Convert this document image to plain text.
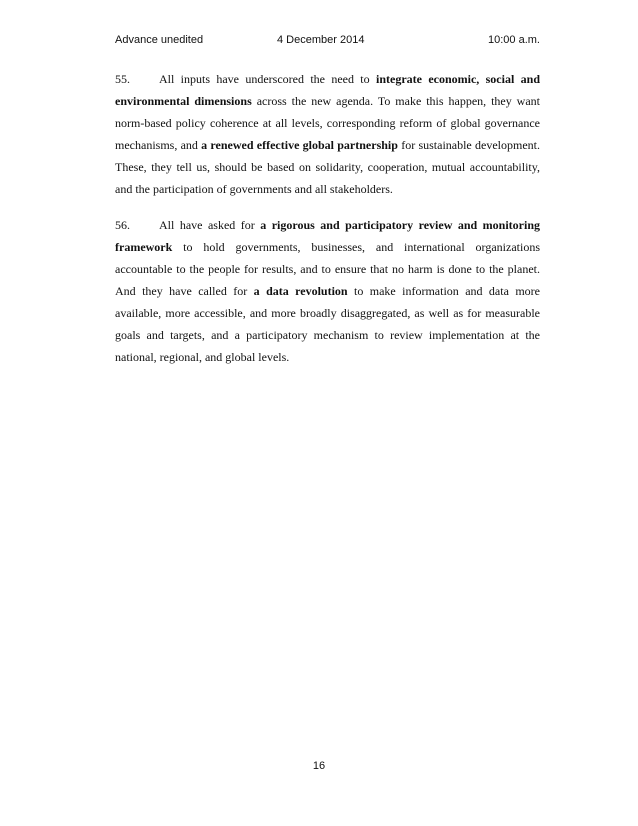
Advance unedited	4 December 2014	10:00 a.m.

55. All inputs have underscored the need to integrate economic, social and environmental dimensions across the new agenda. To make this happen, they want norm-based policy coherence at all levels, corresponding reform of global governance mechanisms, and a renewed effective global partnership for sustainable development. These, they tell us, should be based on solidarity, cooperation, mutual accountability, and the participation of governments and all stakeholders.

56. All have asked for a rigorous and participatory review and monitoring framework to hold governments, businesses, and international organizations accountable to the people for results, and to ensure that no harm is done to the planet. And they have called for a data revolution to make information and data more available, more accessible, and more broadly disaggregated, as well as for measurable goals and targets, and a participatory mechanism to review implementation at the national, regional, and global levels.

16
